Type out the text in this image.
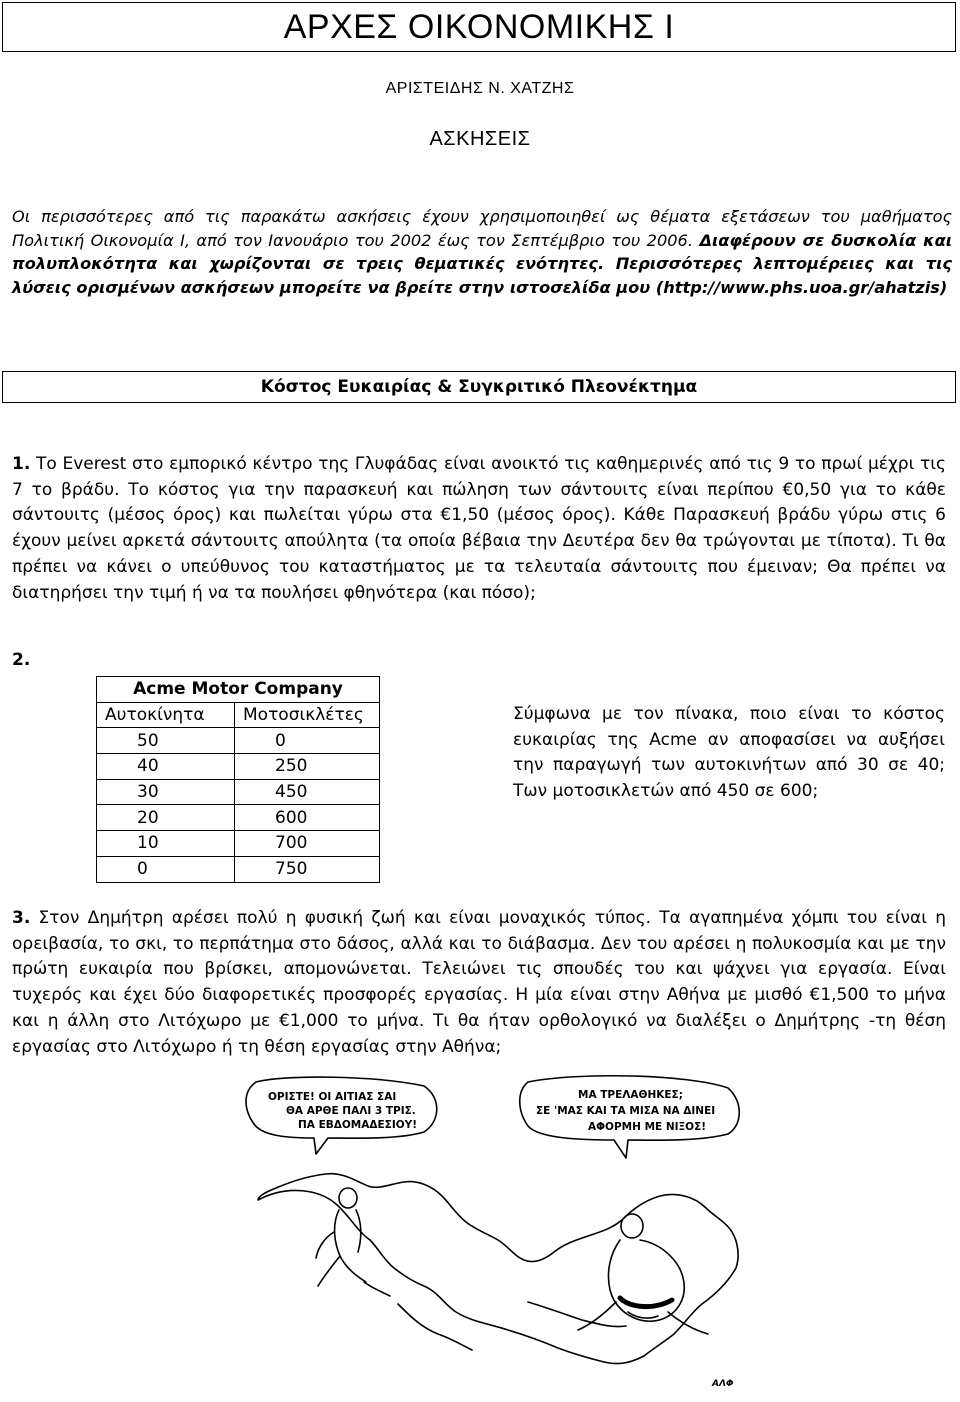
ΑΡΧΕΣ ΟΙΚΟΝΟΜΙΚΗΣ Ι
ΑΡΙΣΤΕΙΔΗΣ Ν. ΧΑΤΖΗΣ
ΑΣΚΗΣΕΙΣ

Οι περισσότερες από τις παρακάτω ασκήσεις έχουν χρησιμοποιηθεί ως θέματα εξετάσεων του μαθήματος Πολιτική Οικονομία Ι, από τον Ιανουάριο του 2002 έως τον Σεπτέμβριο του 2006. Διαφέρουν σε δυσκολία και πολυπλοκότητα και χωρίζονται σε τρεις θεματικές ενότητες. Περισσότερες λεπτομέρειες και τις λύσεις ορισμένων ασκήσεων μπορείτε να βρείτε στην ιστοσελίδα μου (http://www.phs.uoa.gr/ahatzis)

Κόστος Ευκαιρίας & Συγκριτικό Πλεονέκτημα

1. Το Everest στο εμπορικό κέντρο της Γλυφάδας είναι ανοικτό τις καθημερινές από τις 9 το πρωί μέχρι τις 7 το βράδυ. Το κόστος για την παρασκευή και πώληση των σάντουιτς είναι περίπου €0,50 για το κάθε σάντουιτς (μέσος όρος) και πωλείται γύρω στα €1,50 (μέσος όρος). Κάθε Παρασκευή βράδυ γύρω στις 6 έχουν μείνει αρκετά σάντουιτς απούλητα (τα οποία βέβαια την Δευτέρα δεν θα τρώγονται με τίποτα). Τι θα πρέπει να κάνει ο υπεύθυνος του καταστήματος με τα τελευταία σάντουιτς που έμειναν; Θα πρέπει να διατηρήσει την τιμή ή να τα πουλήσει φθηνότερα (και πόσο);

2.
Acme Motor Company	
Αυτοκίνητα	Μοτοσικλέτες
50	0
40	250
30	450
20	600
10	700
0	750

Σύμφωνα με τον πίνακα, ποιο είναι το κόστος ευκαιρίας της Acme αν αποφασίσει να αυξήσει την παραγωγή των αυτοκινήτων από 30 σε 40; Των μοτοσικλετών από 450 σε 600;

3. Στον Δημήτρη αρέσει πολύ η φυσική ζωή και είναι μοναχικός τύπος. Τα αγαπημένα χόμπι του είναι η ορειβασία, το σκι, το περπάτημα στο δάσος, αλλά και το διάβασμα. Δεν του αρέσει η πολυκοσμία και με την πρώτη ευκαιρία που βρίσκει, απομονώνεται. Τελειώνει τις σπουδές του και ψάχνει για εργασία. Είναι τυχερός και έχει δύο διαφορετικές προσφορές εργασίας. Η μία είναι στην Αθήνα με μισθό €1,500 το μήνα και η άλλη στο Λιτόχωρο με €1,000 το μήνα. Τι θα ήταν ορθολογικό να διαλέξει ο Δημήτρης -τη θέση εργασίας στο Λιτόχωρο ή τη θέση εργασίας στην Αθήνα;

ΟΡΙΣΤΕ! ΟΙ ΑΙΤΙΑΣ ΣΑΙ
ΘΑ ΑΡΘΕ ΠΑΛΙ 3 ΤΡΙΣ.
ΠΑ ΕΒΔΟΜΑΔΕΣΙΟΥ!
ΜΑ ΤΡΕΛΑΘΗΚΕΣ;
ΣΕ 'ΜΑΣ ΚΑΙ ΤΑ ΜΙΣΑ ΝΑ ΔΙΝΕΙ
ΑΦΟΡΜΗ ΜΕ ΝΙΞΟΣ!
ΑΛΦ
